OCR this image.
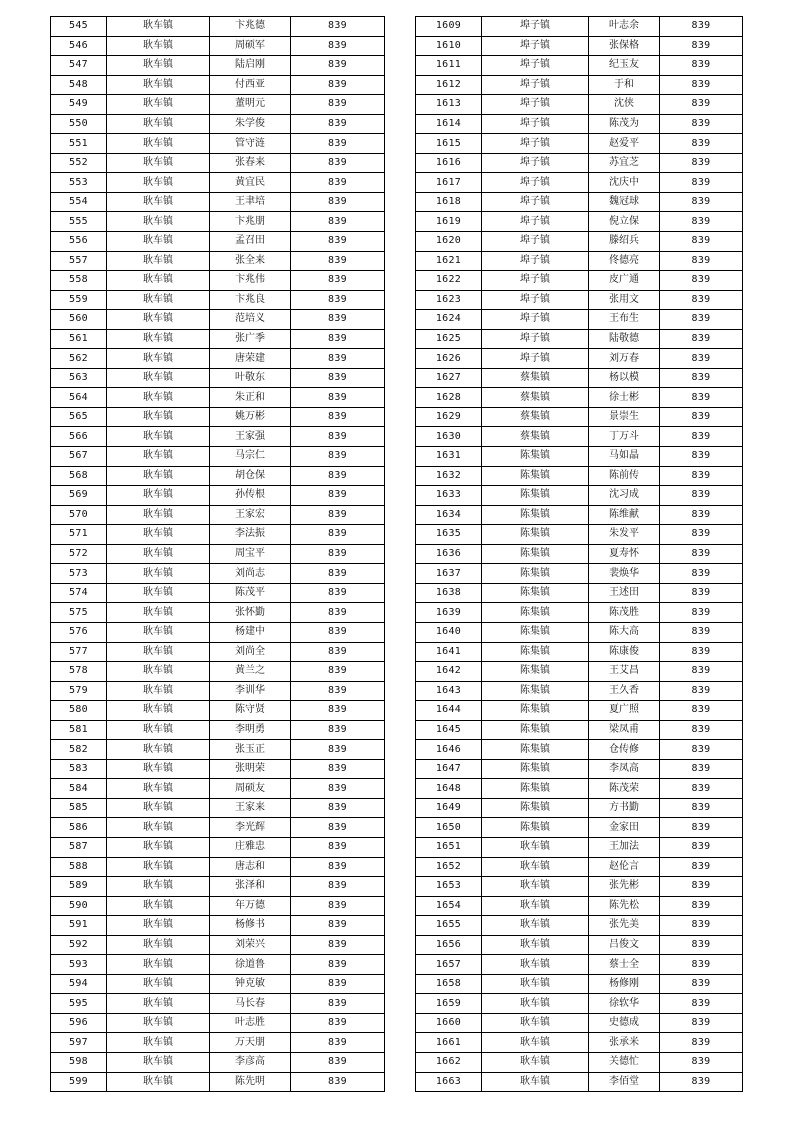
545	耿车镇	卞兆德	839
546	耿车镇	周硕军	839
547	耿车镇	陆启刚	839
548	耿车镇	付西亚	839
549	耿车镇	董明元	839
550	耿车镇	朱学俊	839
551	耿车镇	管守涟	839
552	耿车镇	张春来	839
553	耿车镇	黄宜民	839
554	耿车镇	王聿培	839
555	耿车镇	卞兆朋	839
556	耿车镇	孟召田	839
557	耿车镇	张全来	839
558	耿车镇	卞兆伟	839
559	耿车镇	卞兆良	839
560	耿车镇	范培义	839
561	耿车镇	张广季	839
562	耿车镇	唐荣建	839
563	耿车镇	叶敬东	839
564	耿车镇	朱正和	839
565	耿车镇	姚万彬	839
566	耿车镇	王家强	839
567	耿车镇	马宗仁	839
568	耿车镇	胡仓保	839
569	耿车镇	孙传根	839
570	耿车镇	王家宏	839
571	耿车镇	李法振	839
572	耿车镇	周宝平	839
573	耿车镇	刘尚志	839
574	耿车镇	陈茂平	839
575	耿车镇	张怀勤	839
576	耿车镇	杨建中	839
577	耿车镇	刘尚全	839
578	耿车镇	黄兰之	839
579	耿车镇	李训华	839
580	耿车镇	陈守贤	839
581	耿车镇	李明勇	839
582	耿车镇	张玉正	839
583	耿车镇	张明荣	839
584	耿车镇	周硕友	839
585	耿车镇	王家来	839
586	耿车镇	李光辉	839
587	耿车镇	庄雅忠	839
588	耿车镇	唐志和	839
589	耿车镇	张泽和	839
590	耿车镇	年万德	839
591	耿车镇	杨修书	839
592	耿车镇	刘荣兴	839
593	耿车镇	徐道鲁	839
594	耿车镇	钟克敏	839
595	耿车镇	马长春	839
596	耿车镇	叶志胜	839
597	耿车镇	万天朋	839
598	耿车镇	李彦高	839
599	耿车镇	陈先明	839
1609	埠子镇	叶志余	839
1610	埠子镇	张保格	839
1611	埠子镇	纪玉友	839
1612	埠子镇	于和	839
1613	埠子镇	沈侠	839
1614	埠子镇	陈茂为	839
1615	埠子镇	赵爱平	839
1616	埠子镇	苏宜芝	839
1617	埠子镇	沈庆中	839
1618	埠子镇	魏冠球	839
1619	埠子镇	倪立保	839
1620	埠子镇	滕绍兵	839
1621	埠子镇	佟德亮	839
1622	埠子镇	皮广通	839
1623	埠子镇	张用文	839
1624	埠子镇	王布生	839
1625	埠子镇	陆敬德	839
1626	埠子镇	刘万春	839
1627	蔡集镇	杨以模	839
1628	蔡集镇	徐士彬	839
1629	蔡集镇	景崇生	839
1630	蔡集镇	丁万斗	839
1631	陈集镇	马如晶	839
1632	陈集镇	陈前传	839
1633	陈集镇	沈习成	839
1634	陈集镇	陈维献	839
1635	陈集镇	朱发平	839
1636	陈集镇	夏寿怀	839
1637	陈集镇	裴焕华	839
1638	陈集镇	王述田	839
1639	陈集镇	陈茂胜	839
1640	陈集镇	陈大高	839
1641	陈集镇	陈康俊	839
1642	陈集镇	王艾昌	839
1643	陈集镇	王久香	839
1644	陈集镇	夏广照	839
1645	陈集镇	梁凤甫	839
1646	陈集镇	仓传修	839
1647	陈集镇	李凤高	839
1648	陈集镇	陈茂荣	839
1649	陈集镇	方书勤	839
1650	陈集镇	金家田	839
1651	耿车镇	王加法	839
1652	耿车镇	赵伦言	839
1653	耿车镇	张先彬	839
1654	耿车镇	陈先松	839
1655	耿车镇	张先美	839
1656	耿车镇	吕俊文	839
1657	耿车镇	蔡士全	839
1658	耿车镇	杨修刚	839
1659	耿车镇	徐软华	839
1660	耿车镇	史德成	839
1661	耿车镇	张承米	839
1662	耿车镇	关德忙	839
1663	耿车镇	李佰堂	839
